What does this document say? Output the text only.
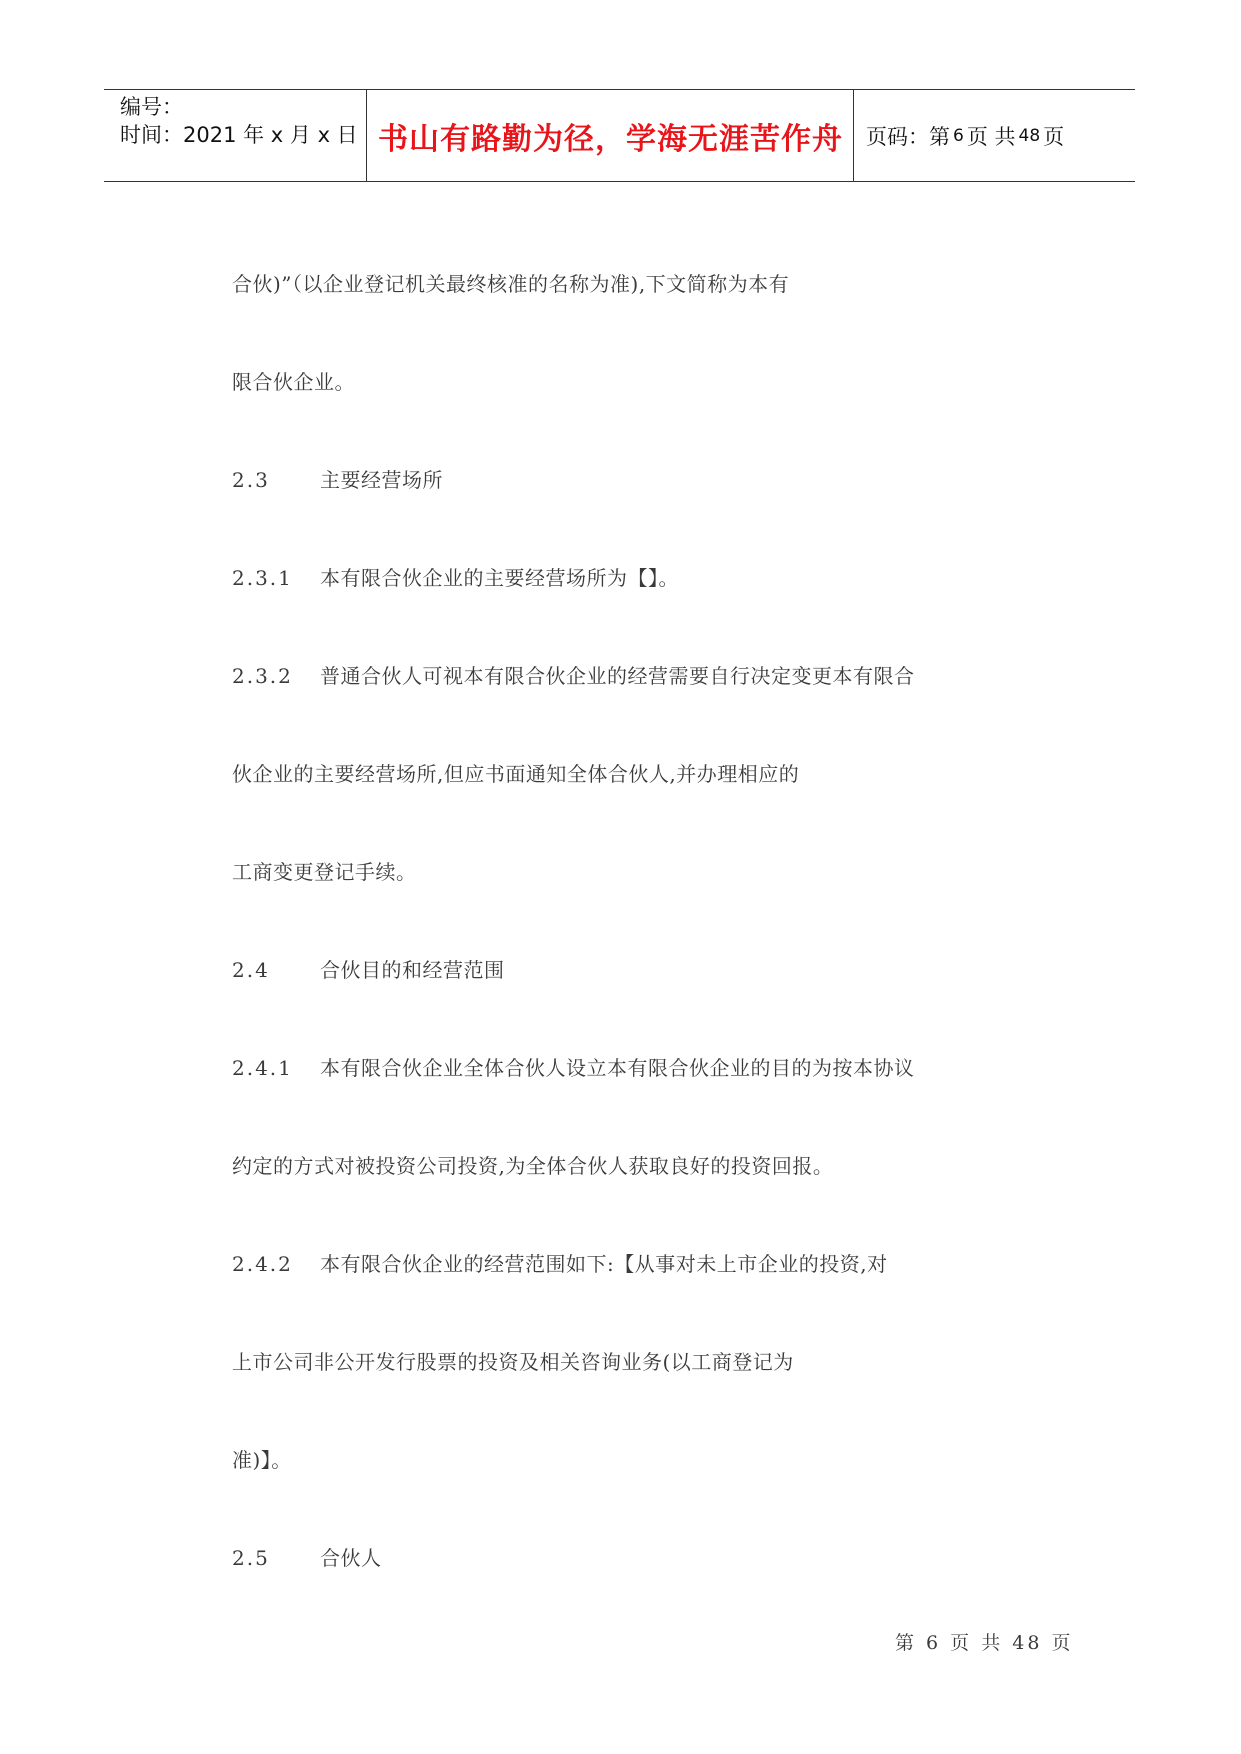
编号：
时间：2021 年 x 月 x 日 书山有路勤为径，学海无涯苦作舟	页码：第 6 页 共 48 页
合伙)”（以企业登记机关最终核准的名称为准),下文简称为本有
限合伙企业。
2.3	主要经营场所
2.3.1 本有限合伙企业的主要经营场所为【】。
2.3.2 普通合伙人可视本有限合伙企业的经营需要自行决定变更本有限合
伙企业的主要经营场所,但应书面通知全体合伙人,并办理相应的
工商变更登记手续。
2.4	合伙目的和经营范围
2.4.1 本有限合伙企业全体合伙人设立本有限合伙企业的目的为按本协议
约定的方式对被投资公司投资,为全体合伙人获取良好的投资回报。
2.4.2 本有限合伙企业的经营范围如下:【从事对未上市企业的投资,对
上市公司非公开发行股票的投资及相关咨询业务(以工商登记为
准)】。
2.5	合伙人
第 6 页 共 48 页
